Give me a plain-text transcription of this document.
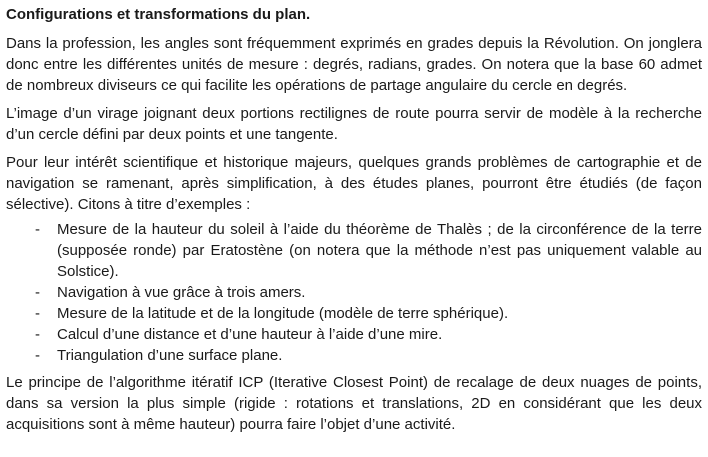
Configurations et transformations du plan.

Dans la profession, les angles sont fréquemment exprimés en grades depuis la Révolution. On jonglera donc entre les différentes unités de mesure : degrés, radians, grades. On notera que la base 60 admet de nombreux diviseurs ce qui facilite les opérations de partage angulaire du cercle en degrés.

L’image d’un virage joignant deux portions rectilignes de route pourra servir de modèle à la recherche d’un cercle défini par deux points et une tangente.

Pour leur intérêt scientifique et historique majeurs, quelques grands problèmes de cartographie et de navigation se ramenant, après simplification, à des études planes, pourront être étudiés (de façon sélective). Citons à titre d’exemples :

- Mesure de la hauteur du soleil à l’aide du théorème de Thalès ; de la circonférence de la terre (supposée ronde) par Eratostène (on notera que la méthode n’est pas uniquement valable au Solstice).
- Navigation à vue grâce à trois amers.
- Mesure de la latitude et de la longitude (modèle de terre sphérique).
- Calcul d’une distance et d’une hauteur à l’aide d’une mire.
- Triangulation d’une surface plane.

Le principe de l’algorithme itératif ICP (Iterative Closest Point) de recalage de deux nuages de points, dans sa version la plus simple (rigide : rotations et translations, 2D en considérant que les deux acquisitions sont à même hauteur) pourra faire l’objet d’une activité.
